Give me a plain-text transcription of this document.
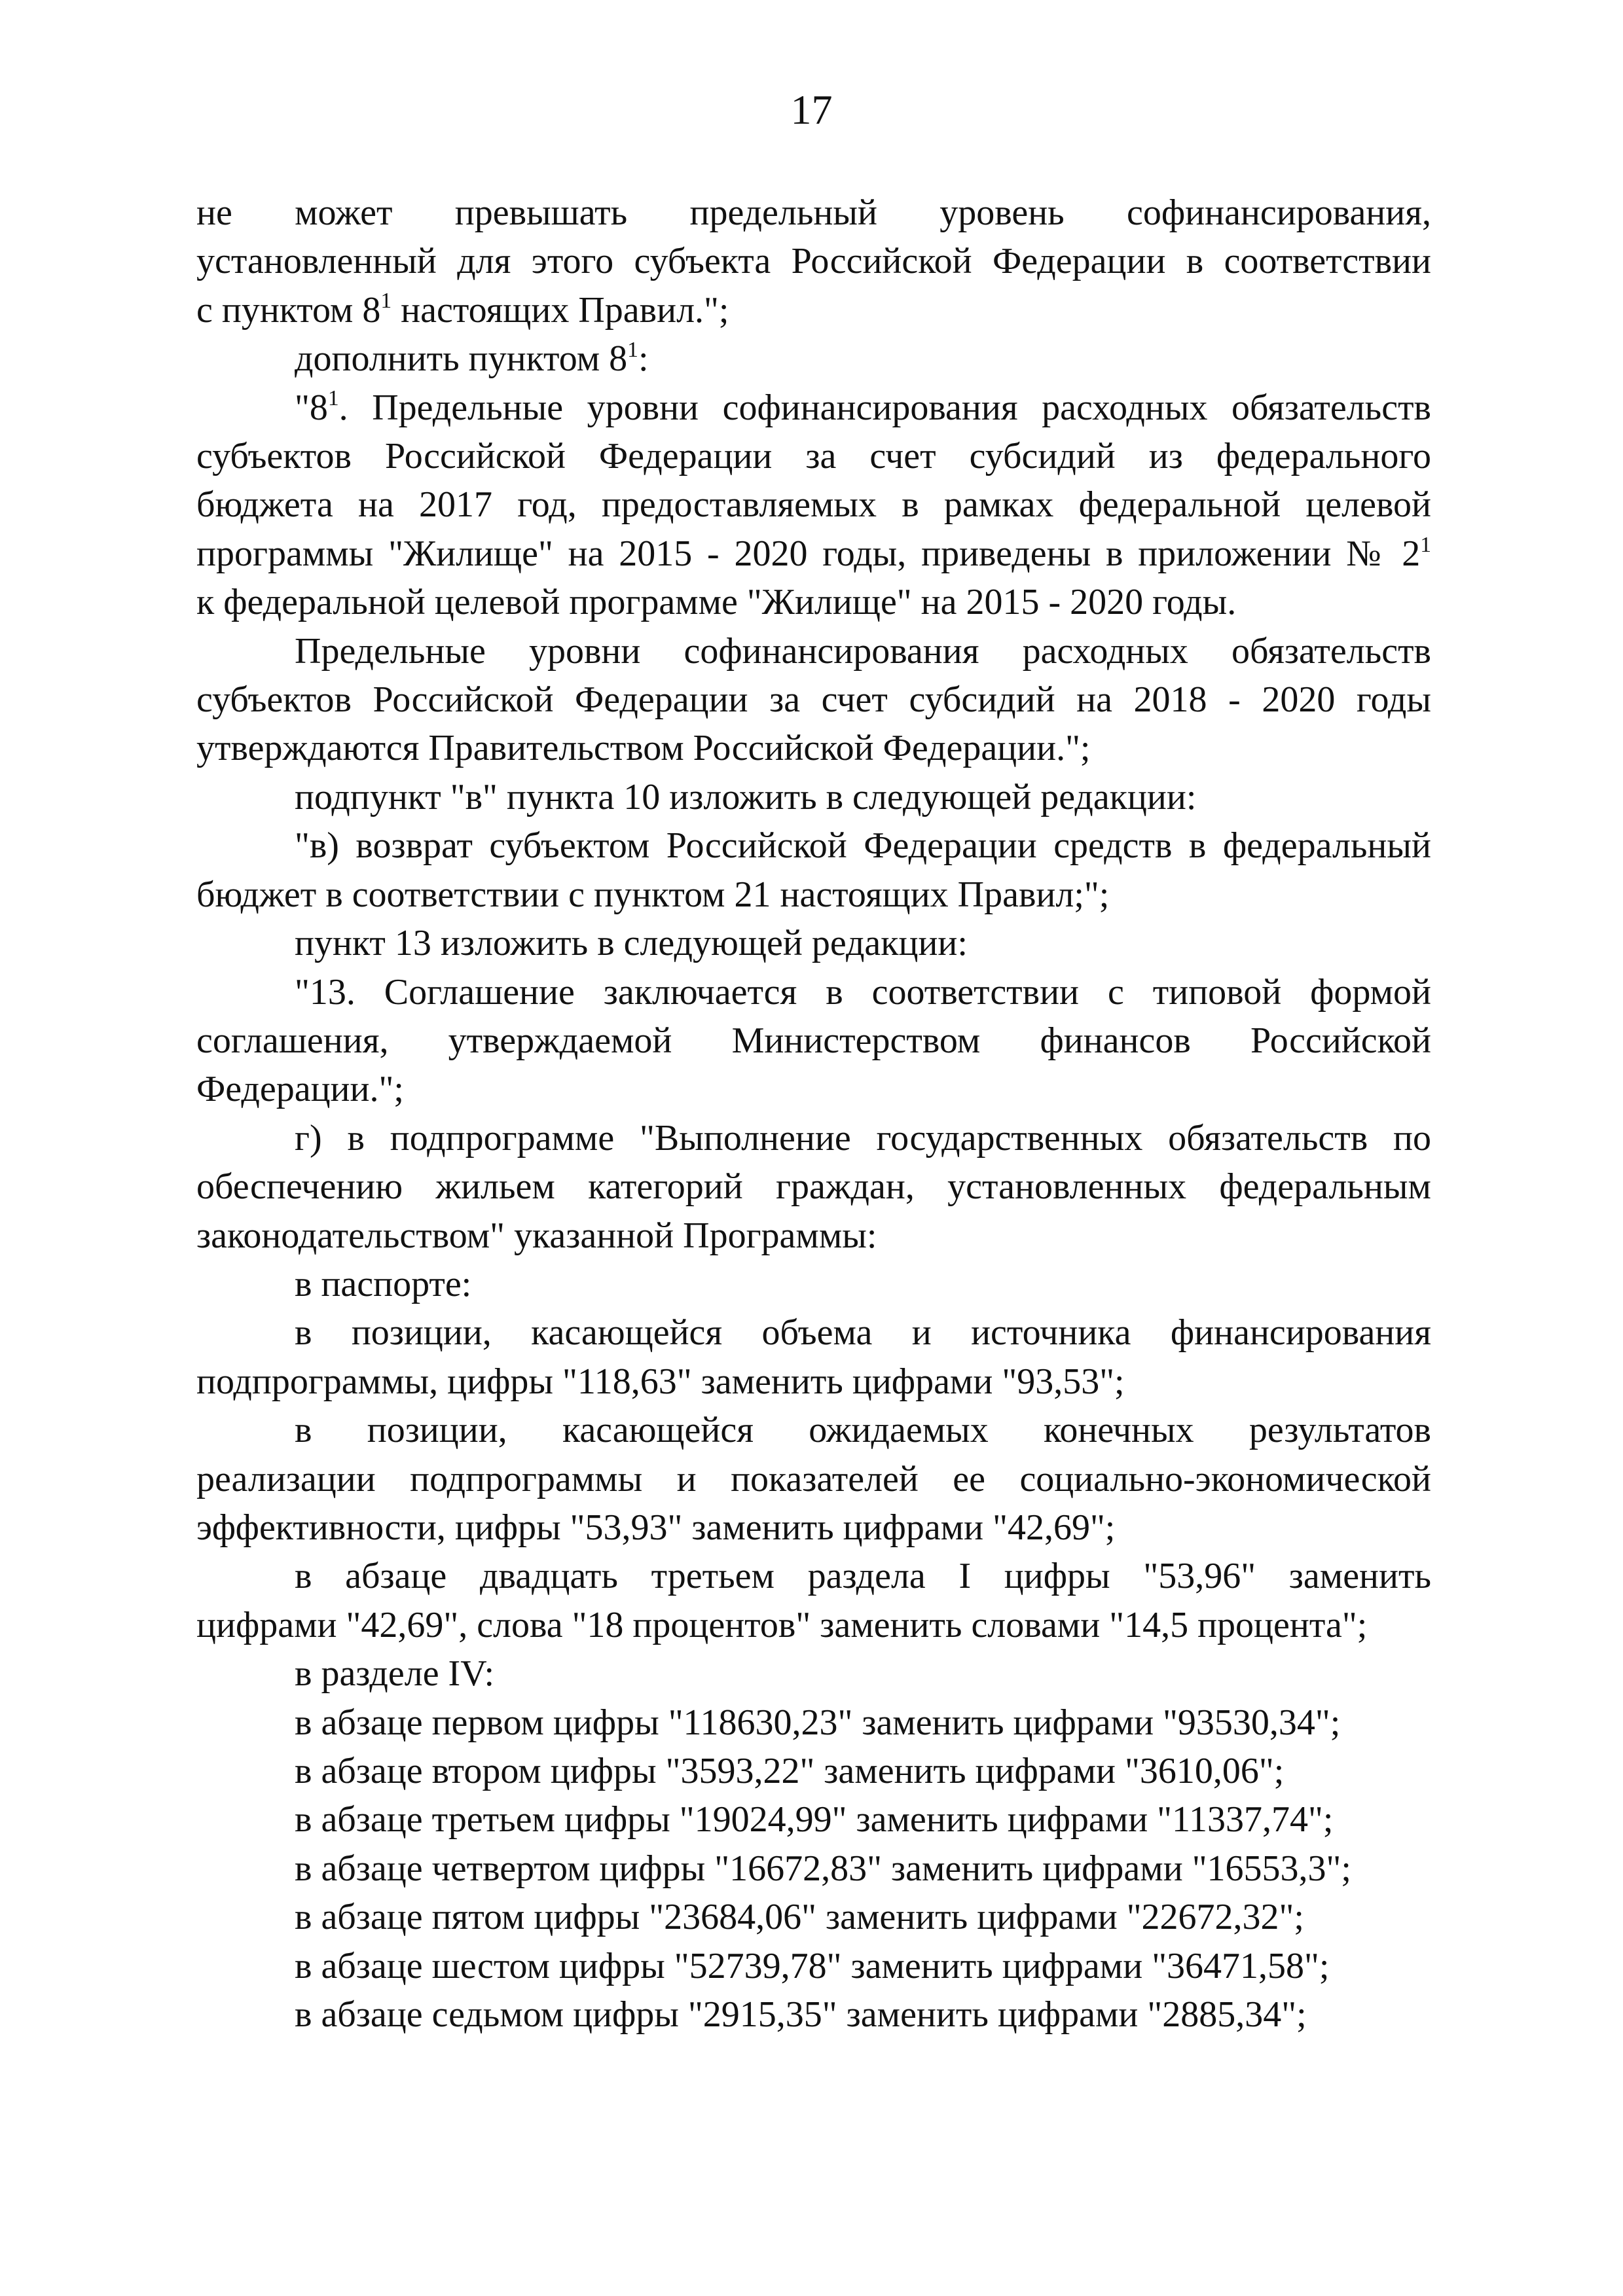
17

не может превышать предельный уровень софинансирования,

установленный для этого субъекта Российской Федерации в соответствии

с пунктом $8^1$ настоящих Правил.";

дополнить пунктом $8^1$:

"$8^1$. Предельные уровни софинансирования расходных обязательств

субъектов Российской Федерации за счет субсидий из федерального

бюджета на 2017 год, предоставляемых в рамках федеральной целевой

программы "Жилище" на 2015 - 2020 годы, приведены в приложении № $2^1$

к федеральной целевой программе "Жилище" на 2015 - 2020 годы.

Предельные уровни софинансирования расходных обязательств

субъектов Российской Федерации за счет субсидий на 2018 - 2020 годы

утверждаются Правительством Российской Федерации.";

подпункт "в" пункта 10 изложить в следующей редакции:

"в) возврат субъектом Российской Федерации средств в федеральный

бюджет в соответствии с пунктом 21 настоящих Правил;";

пункт 13 изложить в следующей редакции:

"13. Соглашение заключается в соответствии с типовой формой

соглашения, утверждаемой Министерством финансов Российской

Федерации.";

г) в подпрограмме "Выполнение государственных обязательств по

обеспечению жильем категорий граждан, установленных федеральным

законодательством" указанной Программы:

в паспорте:

в позиции, касающейся объема и источника финансирования

подпрограммы, цифры "118,63" заменить цифрами "93,53";

в позиции, касающейся ожидаемых конечных результатов

реализации подпрограммы и показателей ее социально-экономической

эффективности, цифры "53,93" заменить цифрами "42,69";

в абзаце двадцать третьем раздела I цифры "53,96" заменить

цифрами "42,69", слова "18 процентов" заменить словами "14,5 процента";

в разделе IV:

в абзаце первом цифры "118630,23" заменить цифрами "93530,34";

в абзаце втором цифры "3593,22" заменить цифрами "3610,06";

в абзаце третьем цифры "19024,99" заменить цифрами "11337,74";

в абзаце четвертом цифры "16672,83" заменить цифрами "16553,3";

в абзаце пятом цифры "23684,06" заменить цифрами "22672,32";

в абзаце шестом цифры "52739,78" заменить цифрами "36471,58";

в абзаце седьмом цифры "2915,35" заменить цифрами "2885,34";
